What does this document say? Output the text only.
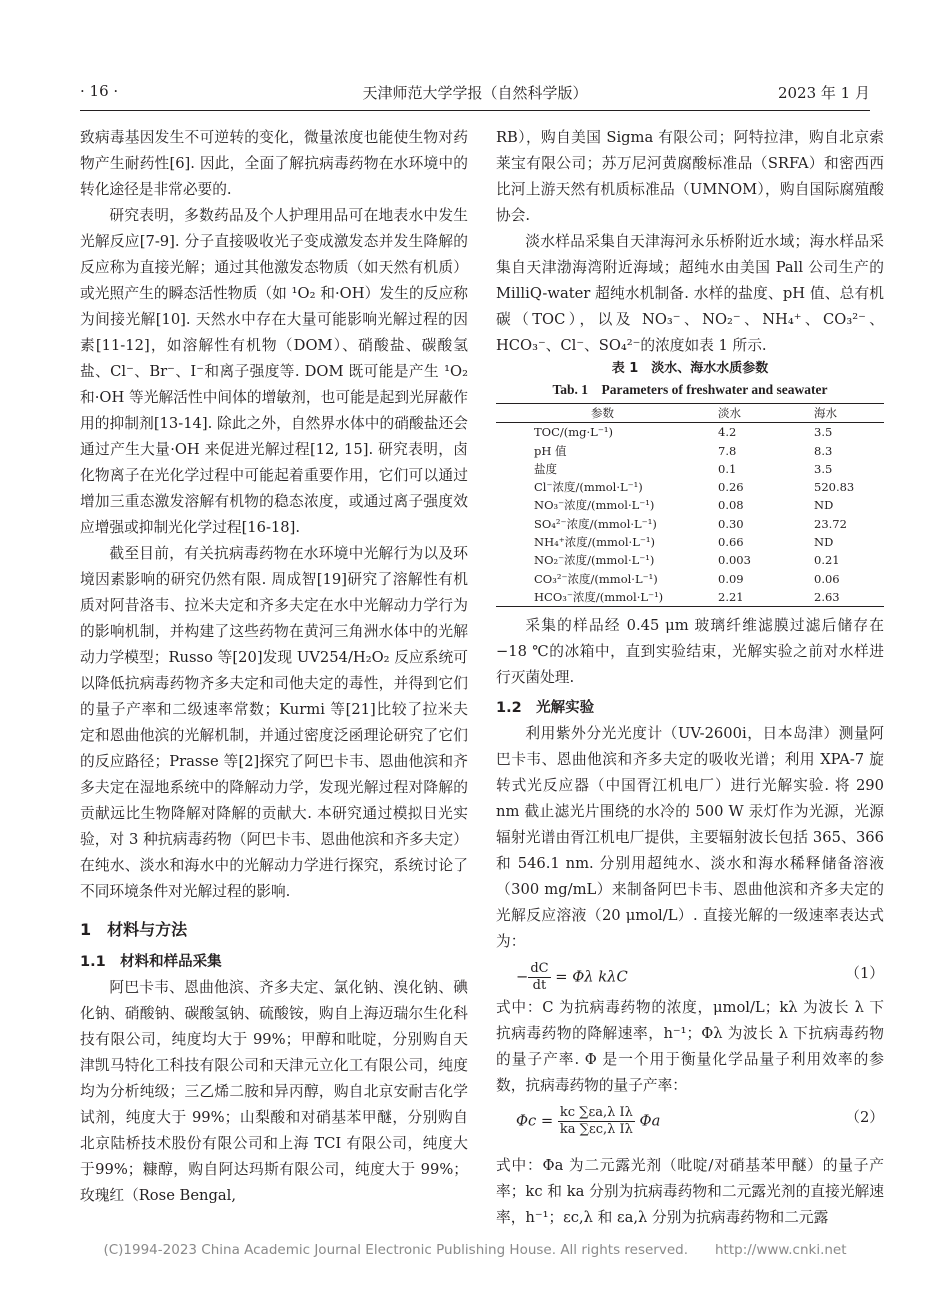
· 16 ·	天津师范大学学报（自然科学版）	2023 年 1 月

致病毒基因发生不可逆转的变化，微量浓度也能使生物对药物产生耐药性[6]. 因此，全面了解抗病毒药物在水环境中的转化途径是非常必要的.

研究表明，多数药品及个人护理用品可在地表水中发生光解反应[7-9]. 分子直接吸收光子变成激发态并发生降解的反应称为直接光解；通过其他激发态物质（如天然有机质）或光照产生的瞬态活性物质（如 ¹O₂ 和·OH）发生的反应称为间接光解[10]. 天然水中存在大量可能影响光解过程的因素[11-12]，如溶解性有机物（DOM）、硝酸盐、碳酸氢盐、Cl⁻、Br⁻、I⁻和离子强度等. DOM 既可能是产生 ¹O₂ 和·OH 等光解活性中间体的增敏剂，也可能是起到光屏蔽作用的抑制剂[13-14]. 除此之外，自然界水体中的硝酸盐还会通过产生大量·OH 来促进光解过程[12, 15]. 研究表明，卤化物离子在光化学过程中可能起着重要作用，它们可以通过增加三重态激发溶解有机物的稳态浓度，或通过离子强度效应增强或抑制光化学过程[16-18].

截至目前，有关抗病毒药物在水环境中光解行为以及环境因素影响的研究仍然有限. 周成智[19]研究了溶解性有机质对阿昔洛韦、拉米夫定和齐多夫定在水中光解动力学行为的影响机制，并构建了这些药物在黄河三角洲水体中的光解动力学模型；Russo 等[20]发现 UV254/H₂O₂ 反应系统可以降低抗病毒药物齐多夫定和司他夫定的毒性，并得到它们的量子产率和二级速率常数；Kurmi 等[21]比较了拉米夫定和恩曲他滨的光解机制，并通过密度泛函理论研究了它们的反应路径；Prasse 等[2]探究了阿巴卡韦、恩曲他滨和齐多夫定在湿地系统中的降解动力学，发现光解过程对降解的贡献远比生物降解对降解的贡献大. 本研究通过模拟日光实验，对 3 种抗病毒药物（阿巴卡韦、恩曲他滨和齐多夫定）在纯水、淡水和海水中的光解动力学进行探究，系统讨论了不同环境条件对光解过程的影响.

1　材料与方法
1.1　材料和样品采集

阿巴卡韦、恩曲他滨、齐多夫定、氯化钠、溴化钠、碘化钠、硝酸钠、碳酸氢钠、硫酸铵，购自上海迈瑞尔生化科技有限公司，纯度均大于 99%；甲醇和吡啶，分别购自天津凯马特化工科技有限公司和天津元立化工有限公司，纯度均为分析纯级；三乙烯二胺和异丙醇，购自北京安耐吉化学试剂，纯度大于 99%；山梨酸和对硝基苯甲醚，分别购自北京陆桥技术股份有限公司和上海 TCI 有限公司，纯度大于99%；糠醇，购自阿达玛斯有限公司，纯度大于 99%；玫瑰红（Rose Bengal,

RB），购自美国 Sigma 有限公司；阿特拉津，购自北京索莱宝有限公司；苏万尼河黄腐酸标准品（SRFA）和密西西比河上游天然有机质标准品（UMNOM），购自国际腐殖酸协会.

淡水样品采集自天津海河永乐桥附近水域；海水样品采集自天津渤海湾附近海域；超纯水由美国 Pall 公司生产的 MilliQ-water 超纯水机制备. 水样的盐度、pH 值、总有机碳（TOC），以及 NO₃⁻、NO₂⁻、NH₄⁺、CO₃²⁻、HCO₃⁻、Cl⁻、SO₄²⁻的浓度如表 1 所示.

表 1　淡水、海水水质参数
Tab. 1　Parameters of freshwater and seawater
参数	淡水	海水
TOC/(mg·L⁻¹)	4.2	3.5
pH 值	7.8	8.3
盐度	0.1	3.5
Cl⁻浓度/(mmol·L⁻¹)	0.26	520.83
NO₃⁻浓度/(mmol·L⁻¹)	0.08	ND
SO₄²⁻浓度/(mmol·L⁻¹)	0.30	23.72
NH₄⁺浓度/(mmol·L⁻¹)	0.66	ND
NO₂⁻浓度/(mmol·L⁻¹)	0.003	0.21
CO₃²⁻浓度/(mmol·L⁻¹)	0.09	0.06
HCO₃⁻浓度/(mmol·L⁻¹)	2.21	2.63

采集的样品经 0.45 μm 玻璃纤维滤膜过滤后储存在−18 ℃的冰箱中，直到实验结束，光解实验之前对水样进行灭菌处理.

1.2　光解实验

利用紫外分光光度计（UV-2600i，日本岛津）测量阿巴卡韦、恩曲他滨和齐多夫定的吸收光谱；利用 XPA-7 旋转式光反应器（中国胥江机电厂）进行光解实验. 将 290 nm 截止滤光片围绕的水冷的 500 W 汞灯作为光源，光源辐射光谱由胥江机电厂提供，主要辐射波长包括 365、366 和 546.1 nm. 分别用超纯水、淡水和海水稀释储备溶液（300 mg/mL）来制备阿巴卡韦、恩曲他滨和齐多夫定的光解反应溶液（20 μmol/L）. 直接光解的一级速率表达式为：

− $\frac{dC}{dt} = \Phi\lambda$ kλC	（1）

式中：C 为抗病毒药物的浓度，μmol/L；kλ 为波长 λ 下抗病毒药物的降解速率，h⁻¹；Φλ 为波长 λ 下抗病毒药物的量子产率. Φ 是一个用于衡量化学品量子利用效率的参数，抗病毒药物的量子产率：

$\Phi c = \frac{\text{kc ∑εa,λ Iλ}}{\text{ka ∑εc,λ Iλ}}$ Φa	（2）

式中：Φa 为二元露光剂（吡啶/对硝基苯甲醚）的量子产率；kc 和 ka 分别为抗病毒药物和二元露光剂的直接光解速率，h⁻¹；εc,λ 和 εa,λ 分别为抗病毒药物和二元露

(C)1994-2023 China Academic Journal Electronic Publishing House. All rights reserved.　　http://www.cnki.net
